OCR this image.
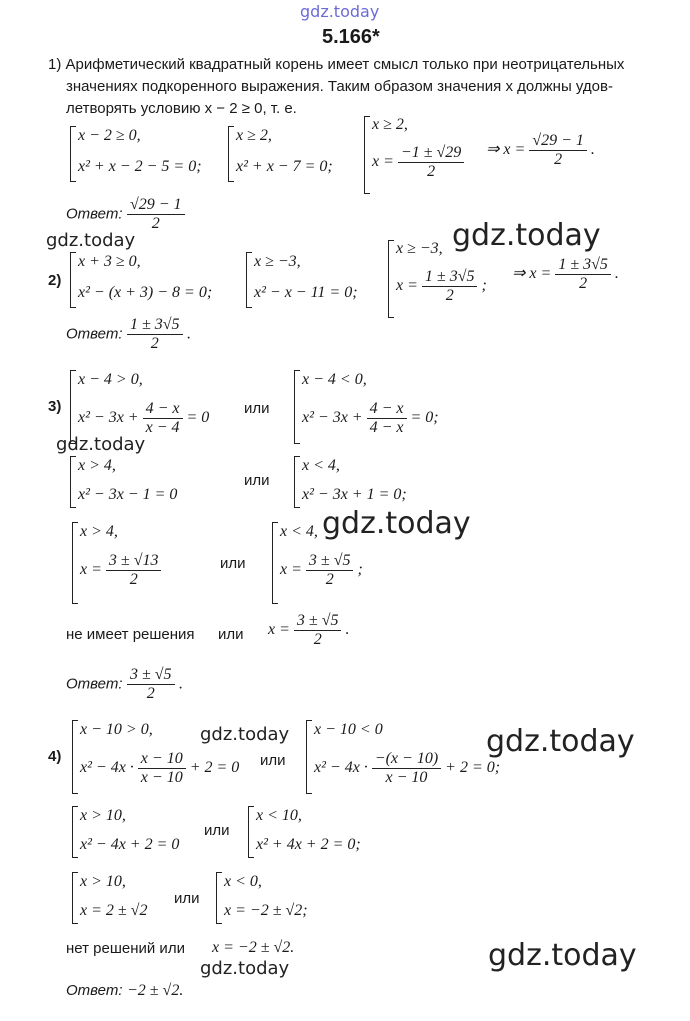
gdz.today
gdz.today	gdz.today
gdz.today
gdz.today
gdz.today	gdz.today
gdz.today
gdz.today
5.166*
1) Арифметический квадратный корень имеет смысл только при неотрицательных
значениях подкоренного выражения. Таким образом значения x должны удов-
летворять условию x − 2 ≥ 0, т. е.
x − 2 ≥ 0,
x² + x − 2 − 5 = 0;
x ≥ 2,
x² + x − 7 = 0;
x ≥ 2,
$x = \frac{-1 \pm √29}{2}$ ⇒ $x = \frac{√29 - 1}{2}$ .
Ответ: $\frac{√29 - 1}{2}$
2)
x + 3 ≥ 0,
x² − (x + 3) − 8 = 0;
x ≥ −3,
x² − x − 11 = 0;
x ≥ −3,
$x = \frac{1 \pm 3√5}{2}$ ;
⇒ $x = \frac{1 \pm 3√5}{2}$ .
Ответ: $\frac{1 \pm 3√5}{2}$ .
3)
x − 4 > 0,
$x^2 - 3x + \frac{4 - x}{x - 4} = 0$
или
x − 4 < 0,
$x^2 - 3x + \frac{4 - x}{4 - x} = 0$;
x > 4,
x² − 3x − 1 = 0
или
x < 4,
x² − 3x + 1 = 0;
x > 4,
$x = \frac{3 \pm √13}{2}$	или
x < 4,
$x = \frac{3 \pm √5}{2}$ ;
не имеет решения или $x = \frac{3 \pm √5}{2}$ .
Ответ: $\frac{3 \pm √5}{2}$ .
4)
x − 10 > 0,
$x^2 - 4x \cdot \frac{x - 10}{x - 10} + 2 = 0$ или
x − 10 < 0
$x^2 - 4x \cdot \frac{-(x - 10)}{x - 10} + 2 = 0$;
x > 10,
x² − 4x + 2 = 0
или
x < 10,
x² + 4x + 2 = 0;
x > 10,
x = 2 ± √2
или
x < 0,
x = −2 ± √2;
нет решений или x = −2 ± √2.
Ответ: −2 ± √2.
